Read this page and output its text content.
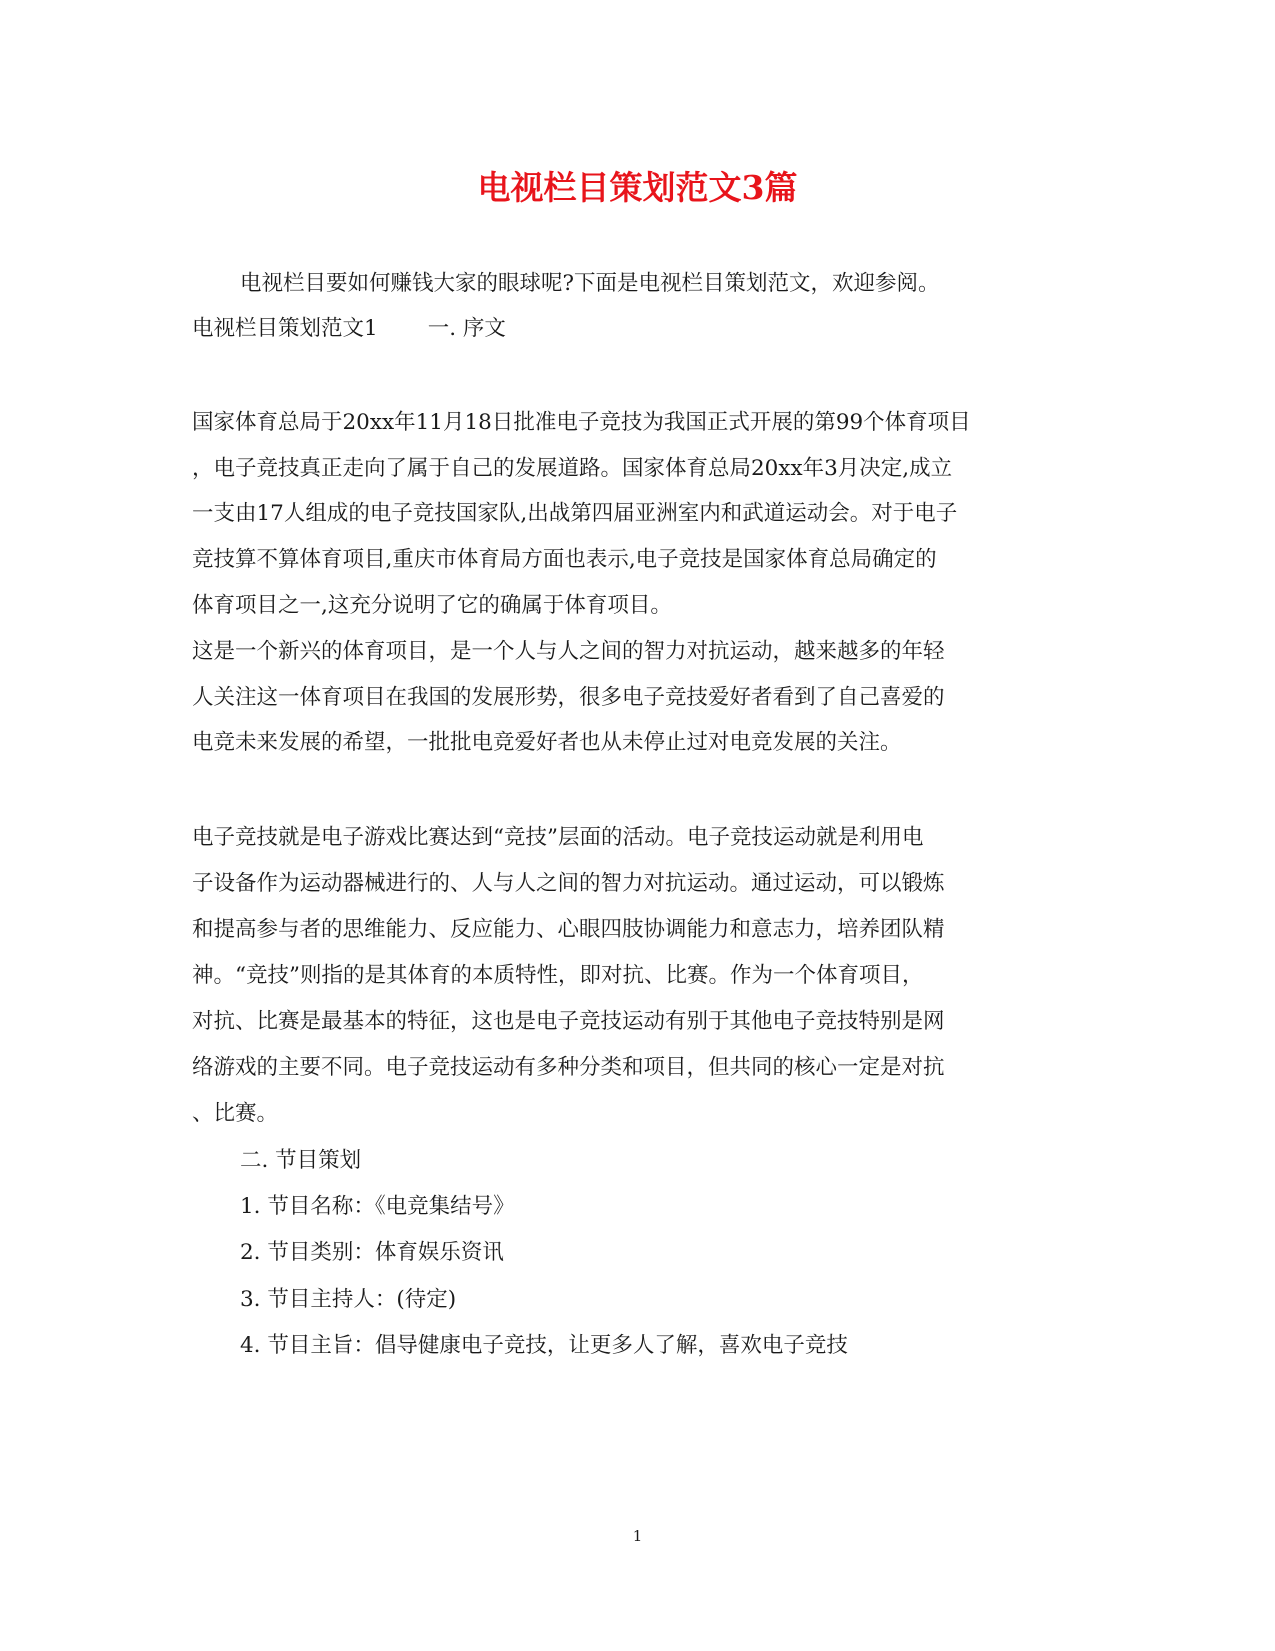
电视栏目策划范文3篇

电视栏目要如何赚钱大家的眼球呢?下面是电视栏目策划范文，欢迎参阅。

电视栏目策划范文1 一. 序文

国家体育总局于20xx年11月18日批准电子竞技为我国正式开展的第99个体育项目

，电子竞技真正走向了属于自己的发展道路。国家体育总局20xx年3月决定,成立

一支由17人组成的电子竞技国家队,出战第四届亚洲室内和武道运动会。对于电子

竞技算不算体育项目,重庆市体育局方面也表示,电子竞技是国家体育总局确定的

体育项目之一,这充分说明了它的确属于体育项目。

这是一个新兴的体育项目，是一个人与人之间的智力对抗运动，越来越多的年轻

人关注这一体育项目在我国的发展形势，很多电子竞技爱好者看到了自己喜爱的

电竞未来发展的希望，一批批电竞爱好者也从未停止过对电竞发展的关注。

电子竞技就是电子游戏比赛达到“竞技”层面的活动。电子竞技运动就是利用电

子设备作为运动器械进行的、人与人之间的智力对抗运动。通过运动，可以锻炼

和提高参与者的思维能力、反应能力、心眼四肢协调能力和意志力，培养团队精

神。“竞技”则指的是其体育的本质特性，即对抗、比赛。作为一个体育项目，

对抗、比赛是最基本的特征，这也是电子竞技运动有别于其他电子竞技特别是网

络游戏的主要不同。电子竞技运动有多种分类和项目，但共同的核心一定是对抗

、比赛。

二. 节目策划

1. 节目名称：《电竞集结号》

2. 节目类别：体育娱乐资讯

3. 节目主持人：(待定)

4. 节目主旨：倡导健康电子竞技，让更多人了解，喜欢电子竞技

1
